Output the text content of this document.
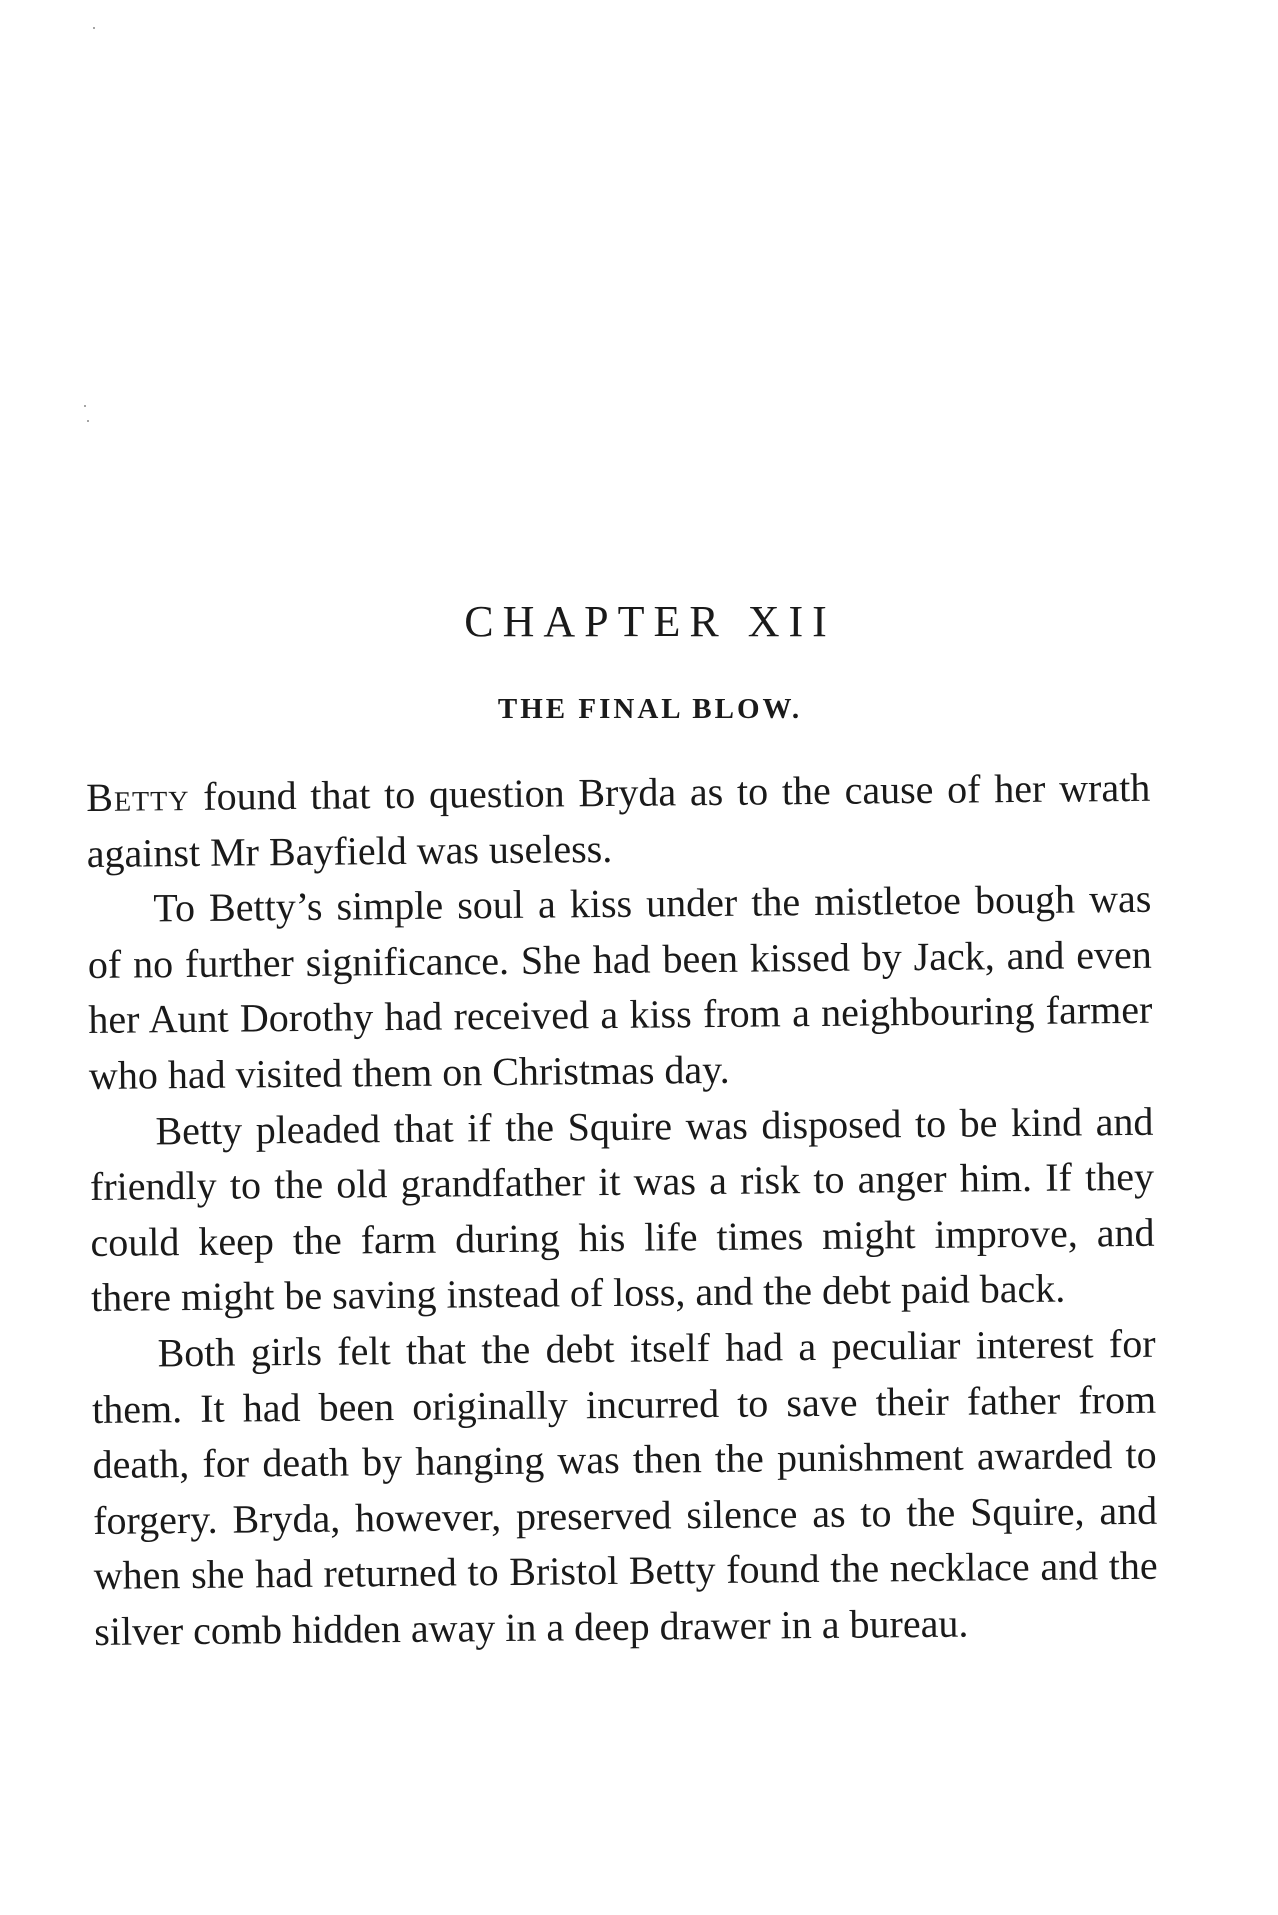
CHAPTER XII
THE FINAL BLOW.

Betty found that to question Bryda as to the cause of her wrath against Mr Bayfield was useless.

To Betty’s simple soul a kiss under the mistletoe bough was of no further significance. She had been kissed by Jack, and even her Aunt Dorothy had received a kiss from a neighbouring farmer who had visited them on Christmas day.

Betty pleaded that if the Squire was disposed to be kind and friendly to the old grandfather it was a risk to anger him. If they could keep the farm during his life times might improve, and there might be saving instead of loss, and the debt paid back.

Both girls felt that the debt itself had a peculiar interest for them. It had been originally incurred to save their father from death, for death by hanging was then the punishment awarded to forgery. Bryda, however, preserved silence as to the Squire, and when she had returned to Bristol Betty found the necklace and the silver comb hidden away in a deep drawer in a bureau.
